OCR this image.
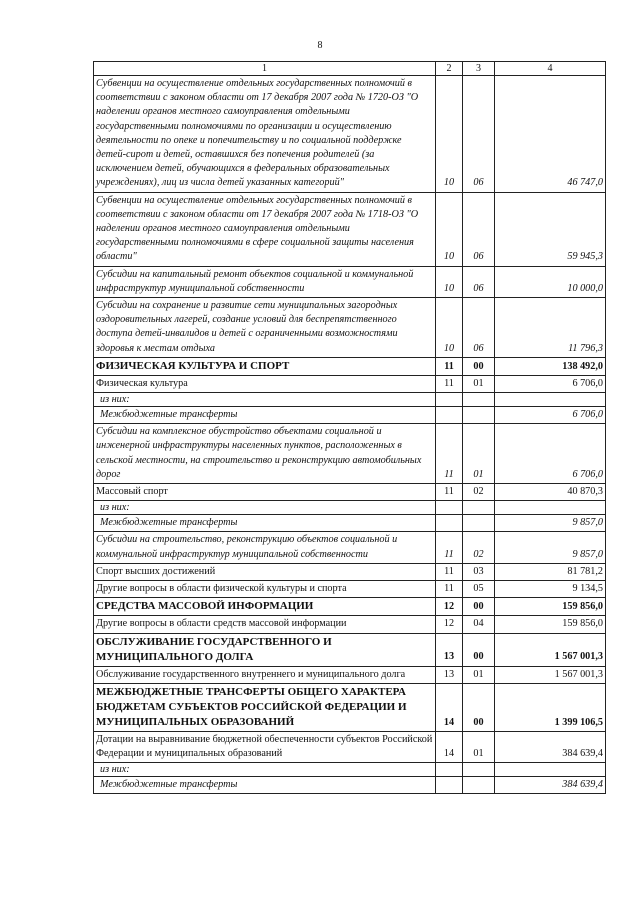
8
1	2	3	4
Субвенции на осуществление отдельных государственных полномочий в соответствии с законом области от 17 декабря 2007 года № 1720-ОЗ "О наделении органов местного самоуправления отдельными государственными полномочиями по организации и осуществлению деятельности по опеке и попечительству и по социальной поддержке детей-сирот и детей, оставшихся без попечения родителей (за исключением детей, обучающихся в федеральных образовательных учреждениях), лиц из числа детей указанных категорий"	10	06	46 747,0
Субвенции на осуществление отдельных государственных полномочий в соответствии с законом области от 17 декабря 2007 года № 1718-ОЗ "О наделении органов местного самоуправления отдельными государственными полномочиями в сфере социальной защиты населения области"	10	06	59 945,3
Субсидии на капитальный ремонт объектов социальной и коммунальной инфраструктур муниципальной собственности	10	06	10 000,0
Субсидии на сохранение и развитие сети муниципальных загородных оздоровительных лагерей, создание условий для беспрепятственного доступа детей-инвалидов и детей с ограниченными возможностями здоровья к местам отдыха	10	06	11 796,3
ФИЗИЧЕСКАЯ КУЛЬТУРА И СПОРТ	11	00	138 492,0
Физическая культура	11	01	6 706,0
из них:			
Межбюджетные трансферты			6 706,0
Субсидии на комплексное обустройство объектами социальной и инженерной инфраструктуры населенных пунктов, расположенных в сельской местности, на строительство и реконструкцию автомобильных дорог	11	01	6 706,0
Массовый спорт	11	02	40 870,3
из них:			
Межбюджетные трансферты			9 857,0
Субсидии на строительство, реконструкцию объектов социальной и коммунальной инфраструктур муниципальной собственности	11	02	9 857,0
Спорт высших достижений	11	03	81 781,2
Другие вопросы в области физической культуры и спорта	11	05	9 134,5
СРЕДСТВА МАССОВОЙ ИНФОРМАЦИИ	12	00	159 856,0
Другие вопросы в области средств массовой информации	12	04	159 856,0
ОБСЛУЖИВАНИЕ ГОСУДАРСТВЕННОГО И МУНИЦИПАЛЬНОГО ДОЛГА	13	00	1 567 001,3
Обслуживание государственного внутреннего и муниципального долга	13	01	1 567 001,3
МЕЖБЮДЖЕТНЫЕ ТРАНСФЕРТЫ ОБЩЕГО ХАРАКТЕРА БЮДЖЕТАМ СУБЪЕКТОВ РОССИЙСКОЙ ФЕДЕРАЦИИ И МУНИЦИПАЛЬНЫХ ОБРАЗОВАНИЙ	14	00	1 399 106,5
Дотации на выравнивание бюджетной обеспеченности субъектов Российской Федерации и муниципальных образований	14	01	384 639,4
из них:			
Межбюджетные трансферты			384 639,4
